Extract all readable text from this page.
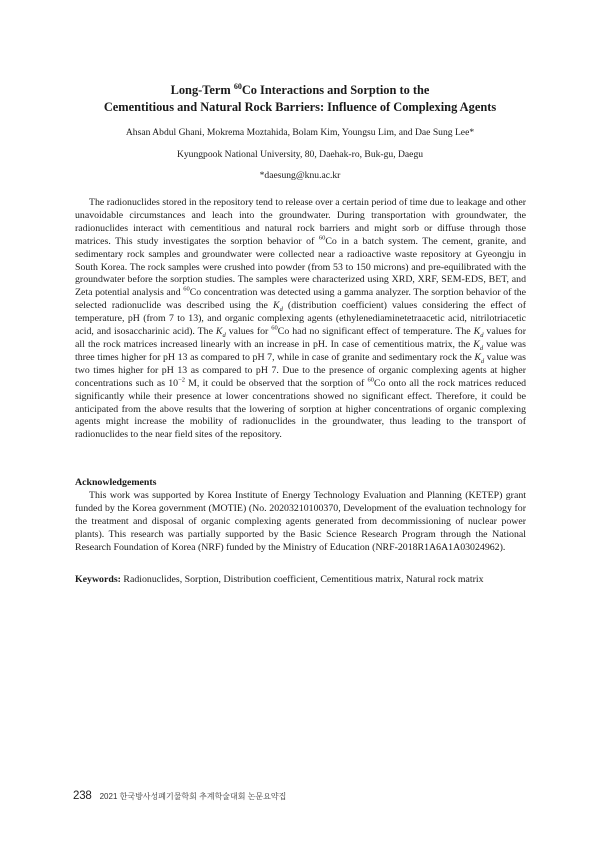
Long-Term $^{60}$Co Interactions and Sorption to the
Cementitious and Natural Rock Barriers: Influence of Complexing Agents
Ahsan Abdul Ghani, Mokrema Moztahida, Bolam Kim, Youngsu Lim, and Dae Sung Lee*
Kyungpook National University, 80, Daehak-ro, Buk-gu, Daegu
*daesung@knu.ac.kr

The radionuclides stored in the repository tend to release over a certain period of time due to leakage and other unavoidable circumstances and leach into the groundwater. During transportation with groundwater, the radionuclides interact with cementitious and natural rock barriers and might sorb or diffuse through those matrices. This study investigates the sorption behavior of $^{60}$Co in a batch system. The cement, granite, and sedimentary rock samples and groundwater were collected near a radioactive waste repository at Gyeongju in South Korea. The rock samples were crushed into powder (from 53 to 150 microns) and pre-equilibrated with the groundwater before the sorption studies. The samples were characterized using XRD, XRF, SEM-EDS, BET, and Zeta potential analysis and $^{60}$Co concentration was detected using a gamma analyzer. The sorption behavior of the selected radionuclide was described using the $K_d$ (distribution coefficient) values considering the effect of temperature, pH (from 7 to 13), and organic complexing agents (ethylenediaminetetraacetic acid, nitrilotriacetic acid, and isosaccharinic acid). The $K_d$ values for $^{60}$Co had no significant effect of temperature. The $K_d$ values for all the rock matrices increased linearly with an increase in pH. In case of cementitious matrix, the $K_d$ value was three times higher for pH 13 as compared to pH 7, while in case of granite and sedimentary rock the $K_d$ value was two times higher for pH 13 as compared to pH 7. Due to the presence of organic complexing agents at higher concentrations such as $10^{-2}$ M, it could be observed that the sorption of $^{60}$Co onto all the rock matrices reduced significantly while their presence at lower concentrations showed no significant effect. Therefore, it could be anticipated from the above results that the lowering of sorption at higher concentrations of organic complexing agents might increase the mobility of radionuclides in the groundwater, thus leading to the transport of radionuclides to the near field sites of the repository.

Acknowledgements

This work was supported by Korea Institute of Energy Technology Evaluation and Planning (KETEP) grant funded by the Korea government (MOTIE) (No. 20203210100370, Development of the evaluation technology for the treatment and disposal of organic complexing agents generated from decommissioning of nuclear power plants). This research was partially supported by the Basic Science Research Program through the National Research Foundation of Korea (NRF) funded by the Ministry of Education (NRF-2018R1A6A1A03024962).

Keywords: Radionuclides, Sorption, Distribution coefficient, Cementitious matrix, Natural rock matrix
238 2021 한국방사성폐기물학회 추계학술대회 논문요약집
